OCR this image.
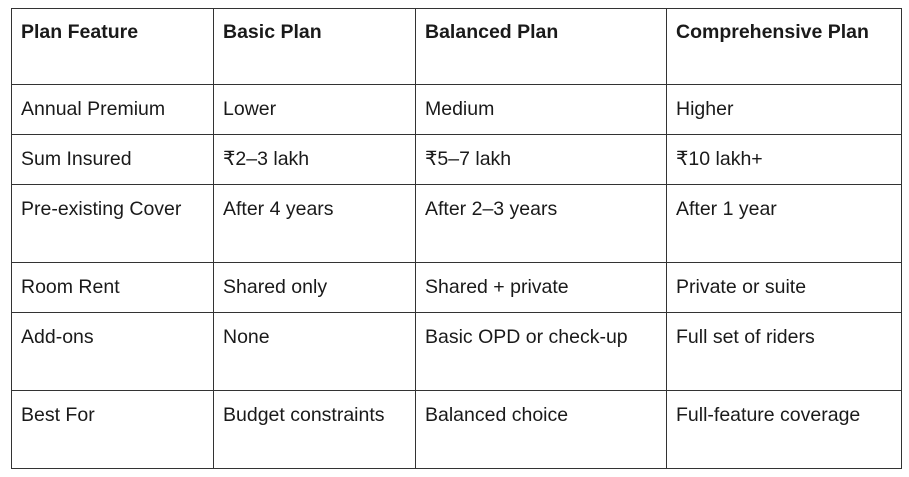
Plan Feature	Basic Plan	Balanced Plan	Comprehensive Plan
Annual Premium	Lower	Medium	Higher
Sum Insured	₹2–3 lakh	₹5–7 lakh	₹10 lakh+
Pre-existing Cover	After 4 years	After 2–3 years	After 1 year
Room Rent	Shared only	Shared + private	Private or suite
Add-ons	None	Basic OPD or check-up	Full set of riders
Best For	Budget constraints	Balanced choice	Full-feature coverage
